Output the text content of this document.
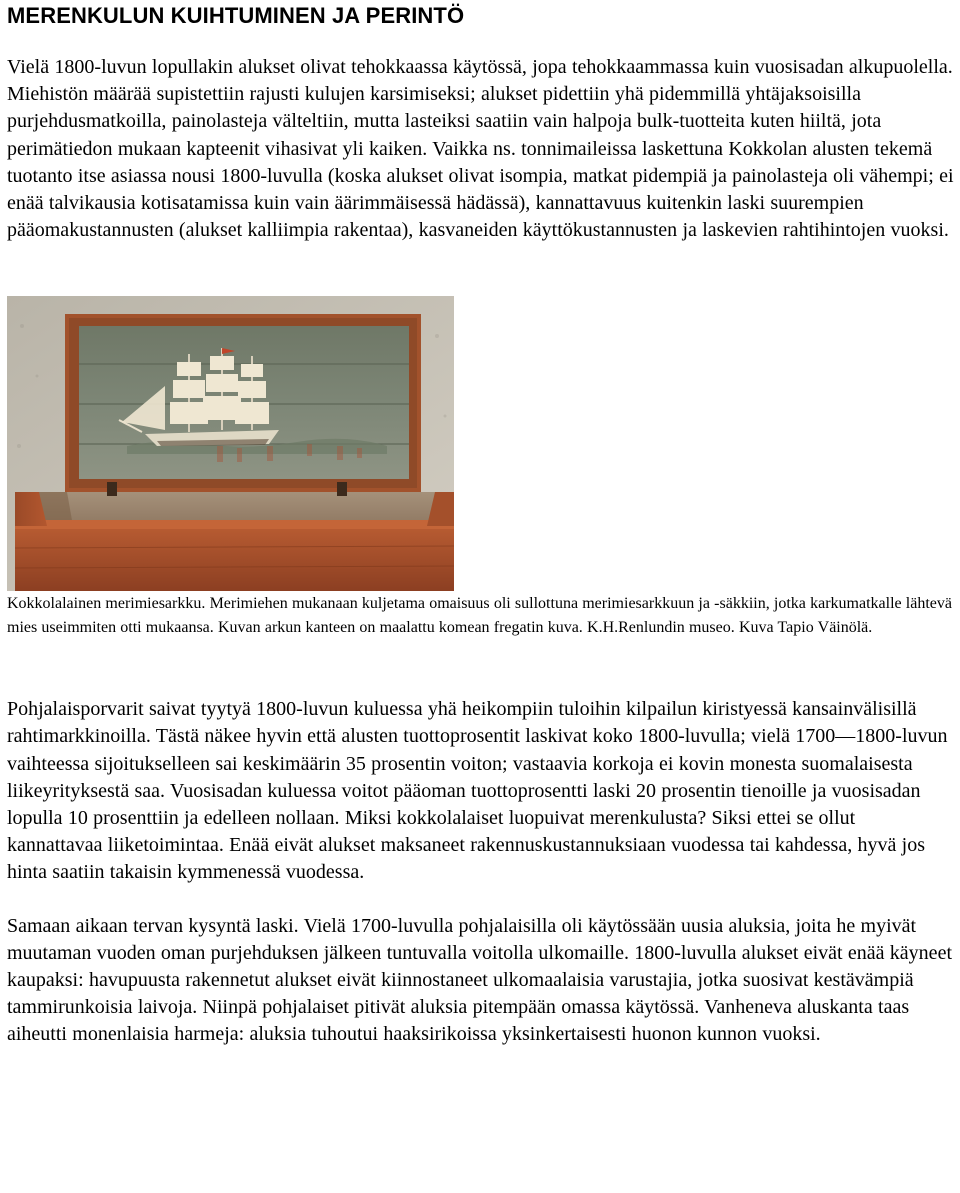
MERENKULUN KUIHTUMINEN JA PERINTÖ

Vielä 1800-luvun lopullakin alukset olivat tehokkaassa käytössä, jopa tehokkaammassa kuin vuosisadan alkupuolella. Miehistön määrää supistettiin rajusti kulujen karsimiseksi; alukset pidettiin yhä pidemmillä yhtäjaksoisilla purjehdusmatkoilla, painolasteja välteltiin, mutta lasteiksi saatiin vain halpoja bulk-tuotteita kuten hiiltä, jota perimätiedon mukaan kapteenit vihasivat yli kaiken. Vaikka ns. tonnimaileissa laskettuna Kokkolan alusten tekemä tuotanto itse asiassa nousi 1800-luvulla (koska alukset olivat isompia, matkat pidempiä ja painolasteja oli vähempi; ei enää talvikausia kotisatamissa kuin vain äärimmäisessä hädässä), kannattavuus kuitenkin laski suurempien pääomakustannusten (alukset kalliimpia rakentaa), kasvaneiden käyttökustannusten ja laskevien rahtihintojen vuoksi.

Kokkolalainen merimiesarkku. Merimiehen mukanaan kuljetama omaisuus oli sullottuna merimiesarkkuun ja -säkkiin, jotka karkumatkalle lähtevä mies useimmiten otti mukaansa. Kuvan arkun kanteen on maalattu komean fregatin kuva. K.H.Renlundin museo. Kuva Tapio Väinölä.

Pohjalaisporvarit saivat tyytyä 1800-luvun kuluessa yhä heikompiin tuloihin kilpailun kiristyessä kansainvälisillä rahtimarkkinoilla. Tästä näkee hyvin että alusten tuottoprosentit laskivat koko 1800-luvulla; vielä 1700—1800-luvun vaihteessa sijoitukselleen sai keskimäärin 35 prosentin voiton; vastaavia korkoja ei kovin monesta suomalaisesta liikeyrityksestä saa. Vuosisadan kuluessa voitot pääoman tuottoprosentti laski 20 prosentin tienoille ja vuosisadan lopulla 10 prosenttiin ja edelleen nollaan. Miksi kokkolalaiset luopuivat merenkulusta? Siksi ettei se ollut kannattavaa liiketoimintaa. Enää eivät alukset maksaneet rakennuskustannuksiaan vuodessa tai kahdessa, hyvä jos hinta saatiin takaisin kymmenessä vuodessa.

Samaan aikaan tervan kysyntä laski. Vielä 1700-luvulla pohjalaisilla oli käytössään uusia aluksia, joita he myivät muutaman vuoden oman purjehduksen jälkeen tuntuvalla voitolla ulkomaille. 1800-luvulla alukset eivät enää käyneet kaupaksi: havupuusta rakennetut alukset eivät kiinnostaneet ulkomaalaisia varustajia, jotka suosivat kestävämpiä tammirunkoisia laivoja. Niinpä pohjalaiset pitivät aluksia pitempään omassa käytössä. Vanheneva aluskanta taas aiheutti monenlaisia harmeja: aluksia tuhoutui haaksirikoissa yksinkertaisesti huonon kunnon vuoksi.
